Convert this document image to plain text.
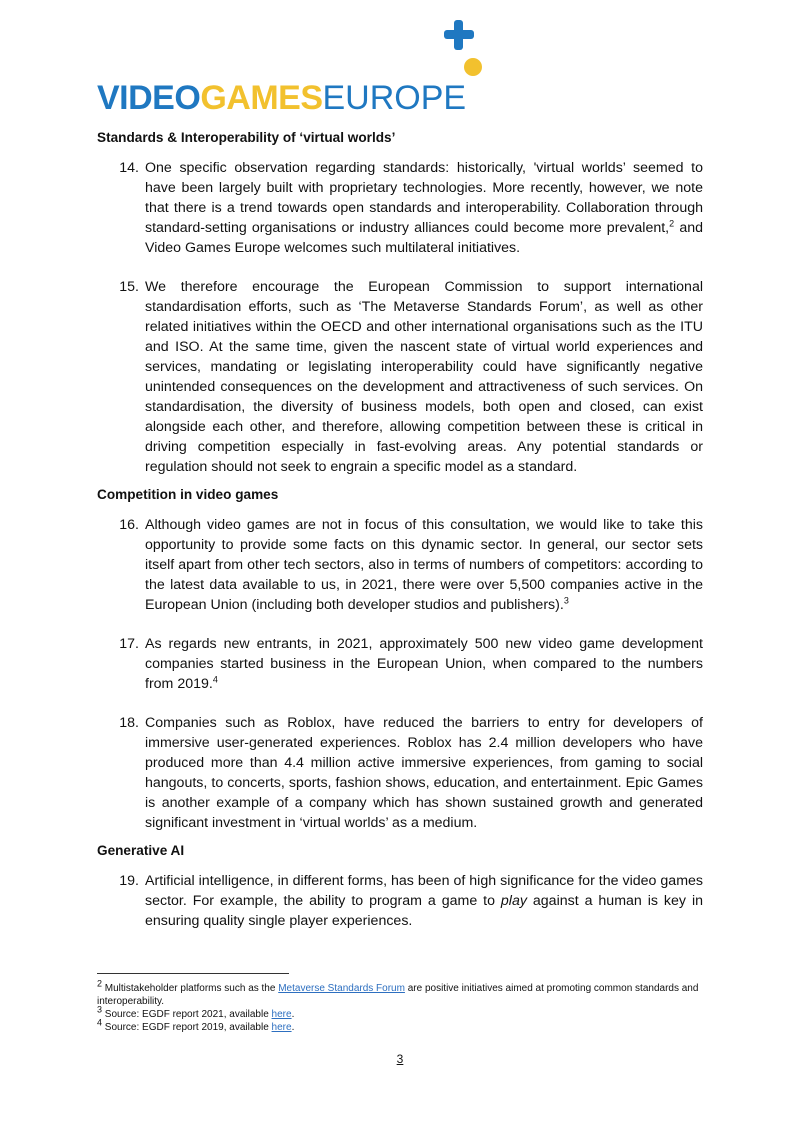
VIDEOGAMESEUROPE
Standards & Interoperability of ‘virtual worlds’
14. One specific observation regarding standards: historically, 'virtual worlds’ seemed to have been largely built with proprietary technologies. More recently, however, we note that there is a trend towards open standards and interoperability. Collaboration through standard-setting organisations or industry alliances could become more prevalent,$^2$ and Video Games Europe welcomes such multilateral initiatives.
15. We therefore encourage the European Commission to support international standardisation efforts, such as ‘The Metaverse Standards Forum’, as well as other related initiatives within the OECD and other international organisations such as the ITU and ISO. At the same time, given the nascent state of virtual world experiences and services, mandating or legislating interoperability could have significantly negative unintended consequences on the development and attractiveness of such services. On standardisation, the diversity of business models, both open and closed, can exist alongside each other, and therefore, allowing competition between these is critical in driving competition especially in fast-evolving areas. Any potential standards or regulation should not seek to engrain a specific model as a standard.
Competition in video games
16. Although video games are not in focus of this consultation, we would like to take this opportunity to provide some facts on this dynamic sector. In general, our sector sets itself apart from other tech sectors, also in terms of numbers of competitors: according to the latest data available to us, in 2021, there were over 5,500 companies active in the European Union (including both developer studios and publishers).$^3$
17. As regards new entrants, in 2021, approximately 500 new video game development companies started business in the European Union, when compared to the numbers from 2019.$^4$
18. Companies such as Roblox, have reduced the barriers to entry for developers of immersive user-generated experiences. Roblox has 2.4 million developers who have produced more than 4.4 million active immersive experiences, from gaming to social hangouts, to concerts, sports, fashion shows, education, and entertainment. Epic Games is another example of a company which has shown sustained growth and generated significant investment in ‘virtual worlds’ as a medium.
Generative AI
19. Artificial intelligence, in different forms, has been of high significance for the video games sector. For example, the ability to program a game to play against a human is key in ensuring quality single player experiences.

$^2$ Multistakeholder platforms such as the Metaverse Standards Forum are positive initiatives aimed at promoting common standards and interoperability.

$^3$ Source: EGDF report 2021, available here.

$^4$ Source: EGDF report 2019, available here.

3
